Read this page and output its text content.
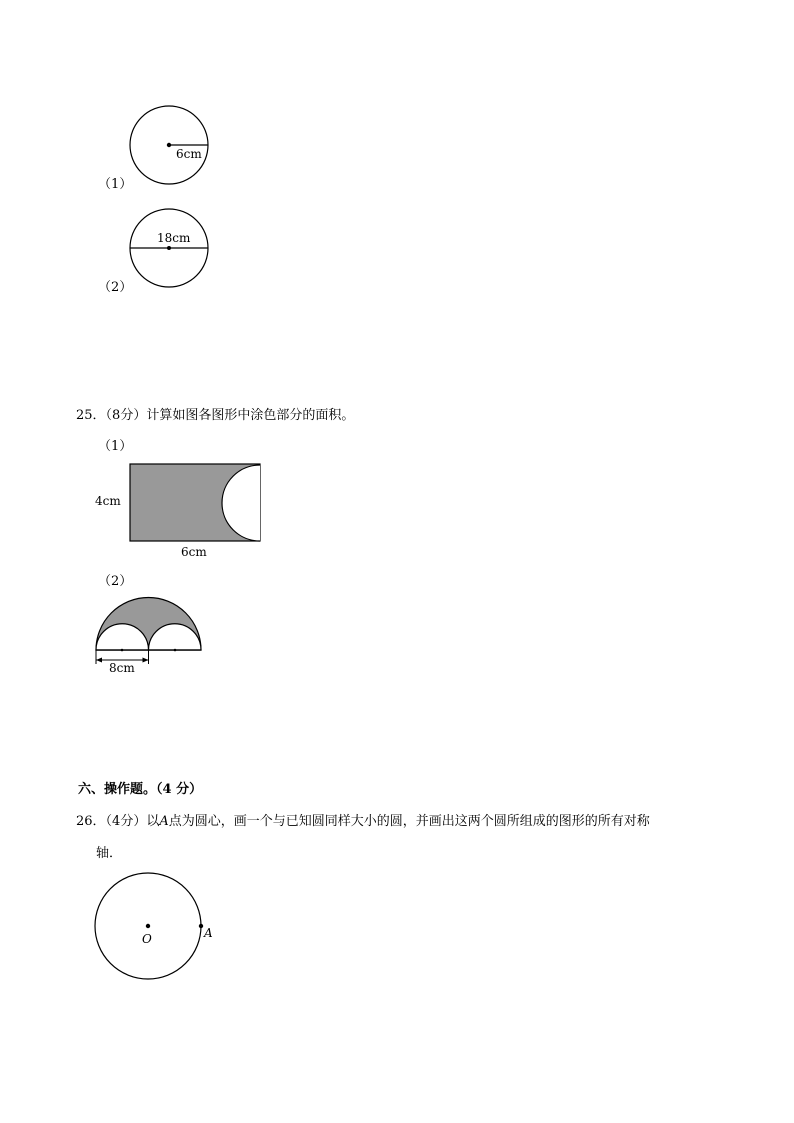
（1）
6cm
（2）
18cm
25．（8分）计算如图各图形中涂色部分的面积。
（1）
4cm
6cm
（2）
8cm
六、操作题。（4 分）
26．（4分）以A点为圆心，画一个与已知圆同样大小的圆，并画出这两个圆所组成的图形的所有对称
轴．
O	A
